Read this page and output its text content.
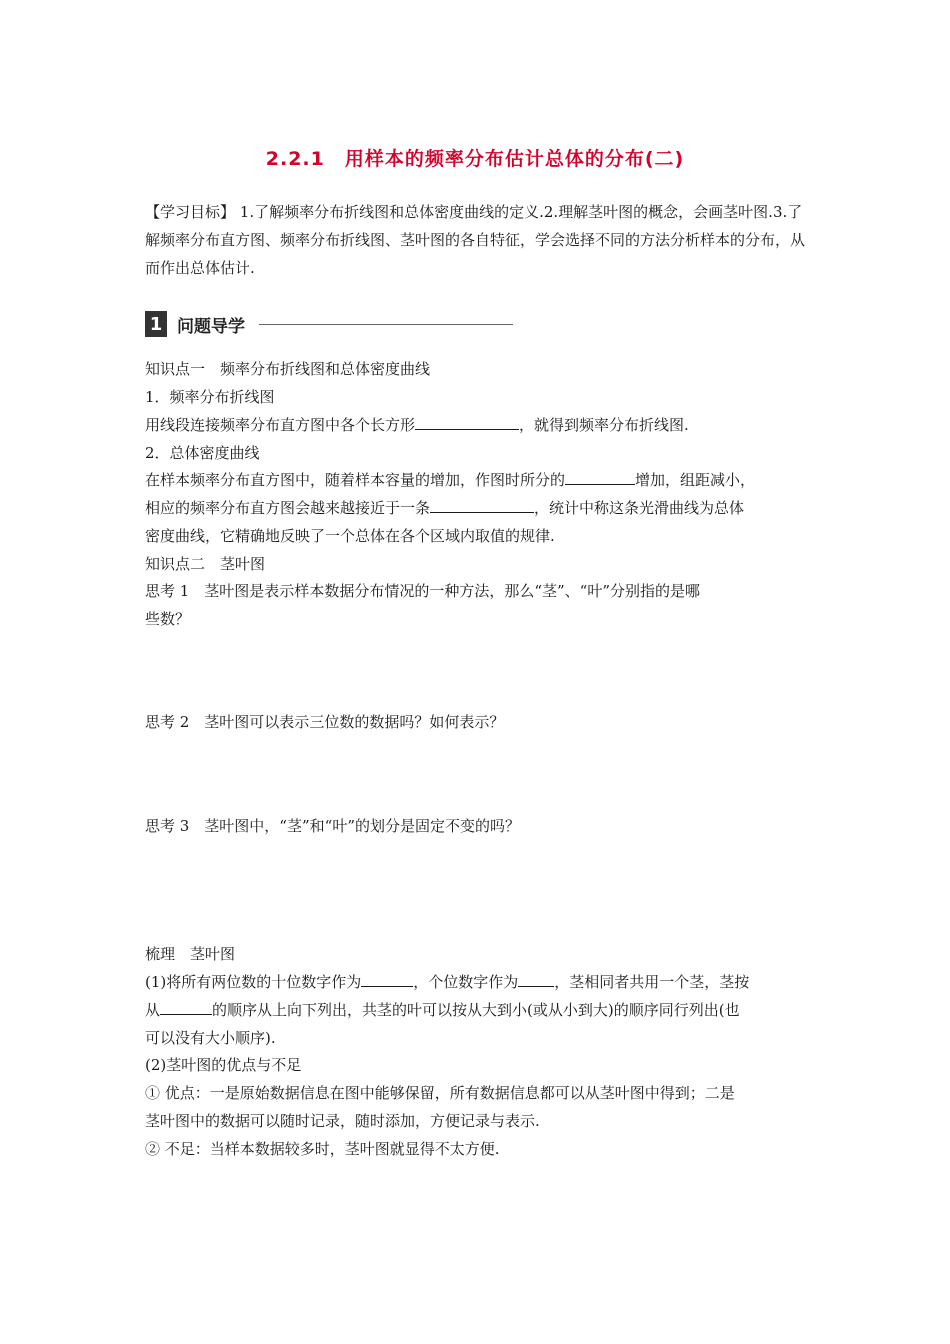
2.2.1　用样本的频率分布估计总体的分布(二)
【学习目标】 1.了解频率分布折线图和总体密度曲线的定义.2.理解茎叶图的概念，会画茎叶图.3.了解频率分布直方图、频率分布折线图、茎叶图的各自特征，学会选择不同的方法分析样本的分布，从而作出总体估计.
1 问题导学
知识点一　频率分布折线图和总体密度曲线
1．频率分布折线图
用线段连接频率分布直方图中各个长方形	，就得到频率分布折线图.
2．总体密度曲线
在样本频率分布直方图中，随着样本容量的增加，作图时所分的	增加，组距减小，
相应的频率分布直方图会越来越接近于一条	，统计中称这条光滑曲线为总体
密度曲线，它精确地反映了一个总体在各个区域内取值的规律.
知识点二　茎叶图
思考 1　茎叶图是表示样本数据分布情况的一种方法，那么“茎”、“叶”分别指的是哪
些数？
思考 2　茎叶图可以表示三位数的数据吗？如何表示？
思考 3　茎叶图中，“茎”和“叶”的划分是固定不变的吗？
梳理　茎叶图
(1)将所有两位数的十位数字作为	，个位数字作为 ，茎相同者共用一个茎，茎按
从	的顺序从上向下列出，共茎的叶可以按从大到小(或从小到大)的顺序同行列出(也
可以没有大小顺序).
(2)茎叶图的优点与不足
① 优点：一是原始数据信息在图中能够保留，所有数据信息都可以从茎叶图中得到；二是
茎叶图中的数据可以随时记录，随时添加，方便记录与表示.
② 不足：当样本数据较多时，茎叶图就显得不太方便.
